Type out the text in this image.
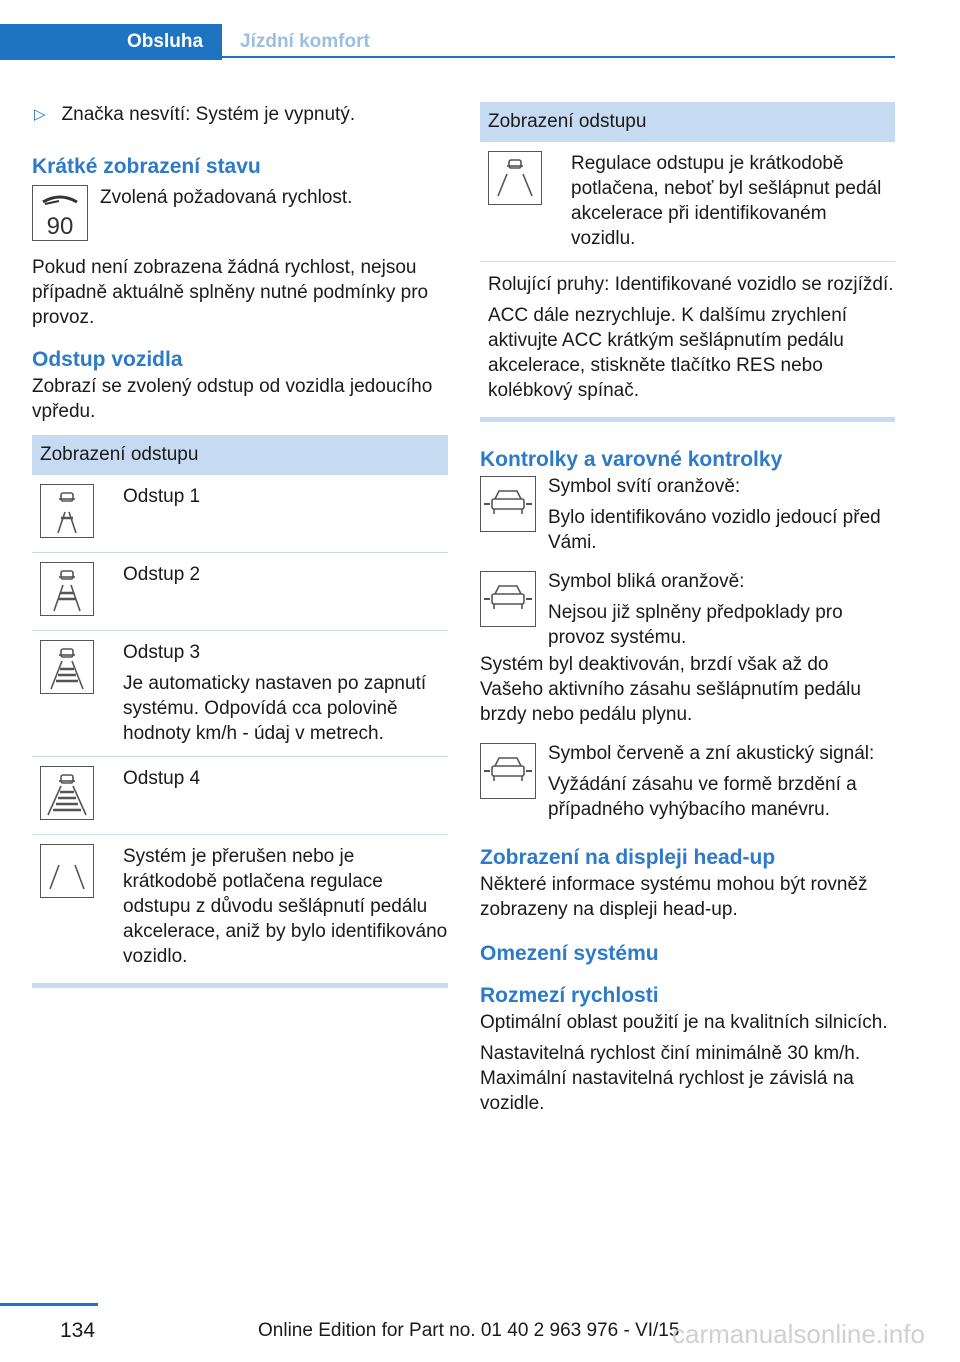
Obsluha	Jízdní komfort
▷ Značka nesvítí: Systém je vypnutý.
Krátké zobrazení stavu
90

Zvolená požadovaná rychlost.

Pokud není zobrazena žádná rychlost, nejsou případně aktuálně splněny nutné podmínky pro provoz.

Odstup vozidla

Zobrazí se zvolený odstup od vozidla jedoucího vpředu.

Zobrazení odstupu

Odstup 1

Odstup 2

Odstup 3

Je automaticky nastaven po zapnutí systému. Odpovídá cca polovině hodnoty km/h - údaj v metrech.

Odstup 4

Systém je přerušen nebo je krátkodobě potlačena regulace odstupu z důvodu sešlápnutí pedálu akcelerace, aniž by bylo identifikováno vozidlo.

Zobrazení odstupu

Regulace odstupu je krátkodobě potlačena, neboť byl sešlápnut pedál akcelerace při identifikovaném vozidlu.

Rolující pruhy: Identifikované vozidlo se rozjíždí.

ACC dále nezrychluje. K dalšímu zrychlení aktivujte ACC krátkým sešlápnutím pedálu akcelerace, stiskněte tlačítko RES nebo kolébkový spínač.

Kontrolky a varovné kontrolky

Symbol svítí oranžově:

Bylo identifikováno vozidlo jedoucí před Vámi.

Symbol bliká oranžově:

Nejsou již splněny předpoklady pro provoz systému.

Systém byl deaktivován, brzdí však až do Vašeho aktivního zásahu sešlápnutím pedálu brzdy nebo pedálu plynu.

Symbol červeně a zní akustický signál:

Vyžádání zásahu ve formě brzdění a případného vyhýbacího manévru.

Zobrazení na displeji head-up

Některé informace systému mohou být rovněž zobrazeny na displeji head-up.

Omezení systému
Rozmezí rychlosti

Optimální oblast použití je na kvalitních silnicích.

Nastavitelná rychlost činí minimálně 30 km/h. Maximální nastavitelná rychlost je závislá na vozidle.

134	Online Edition for Part no. 01 40 2 963 976 - VI/15
carmanualsonline.info
